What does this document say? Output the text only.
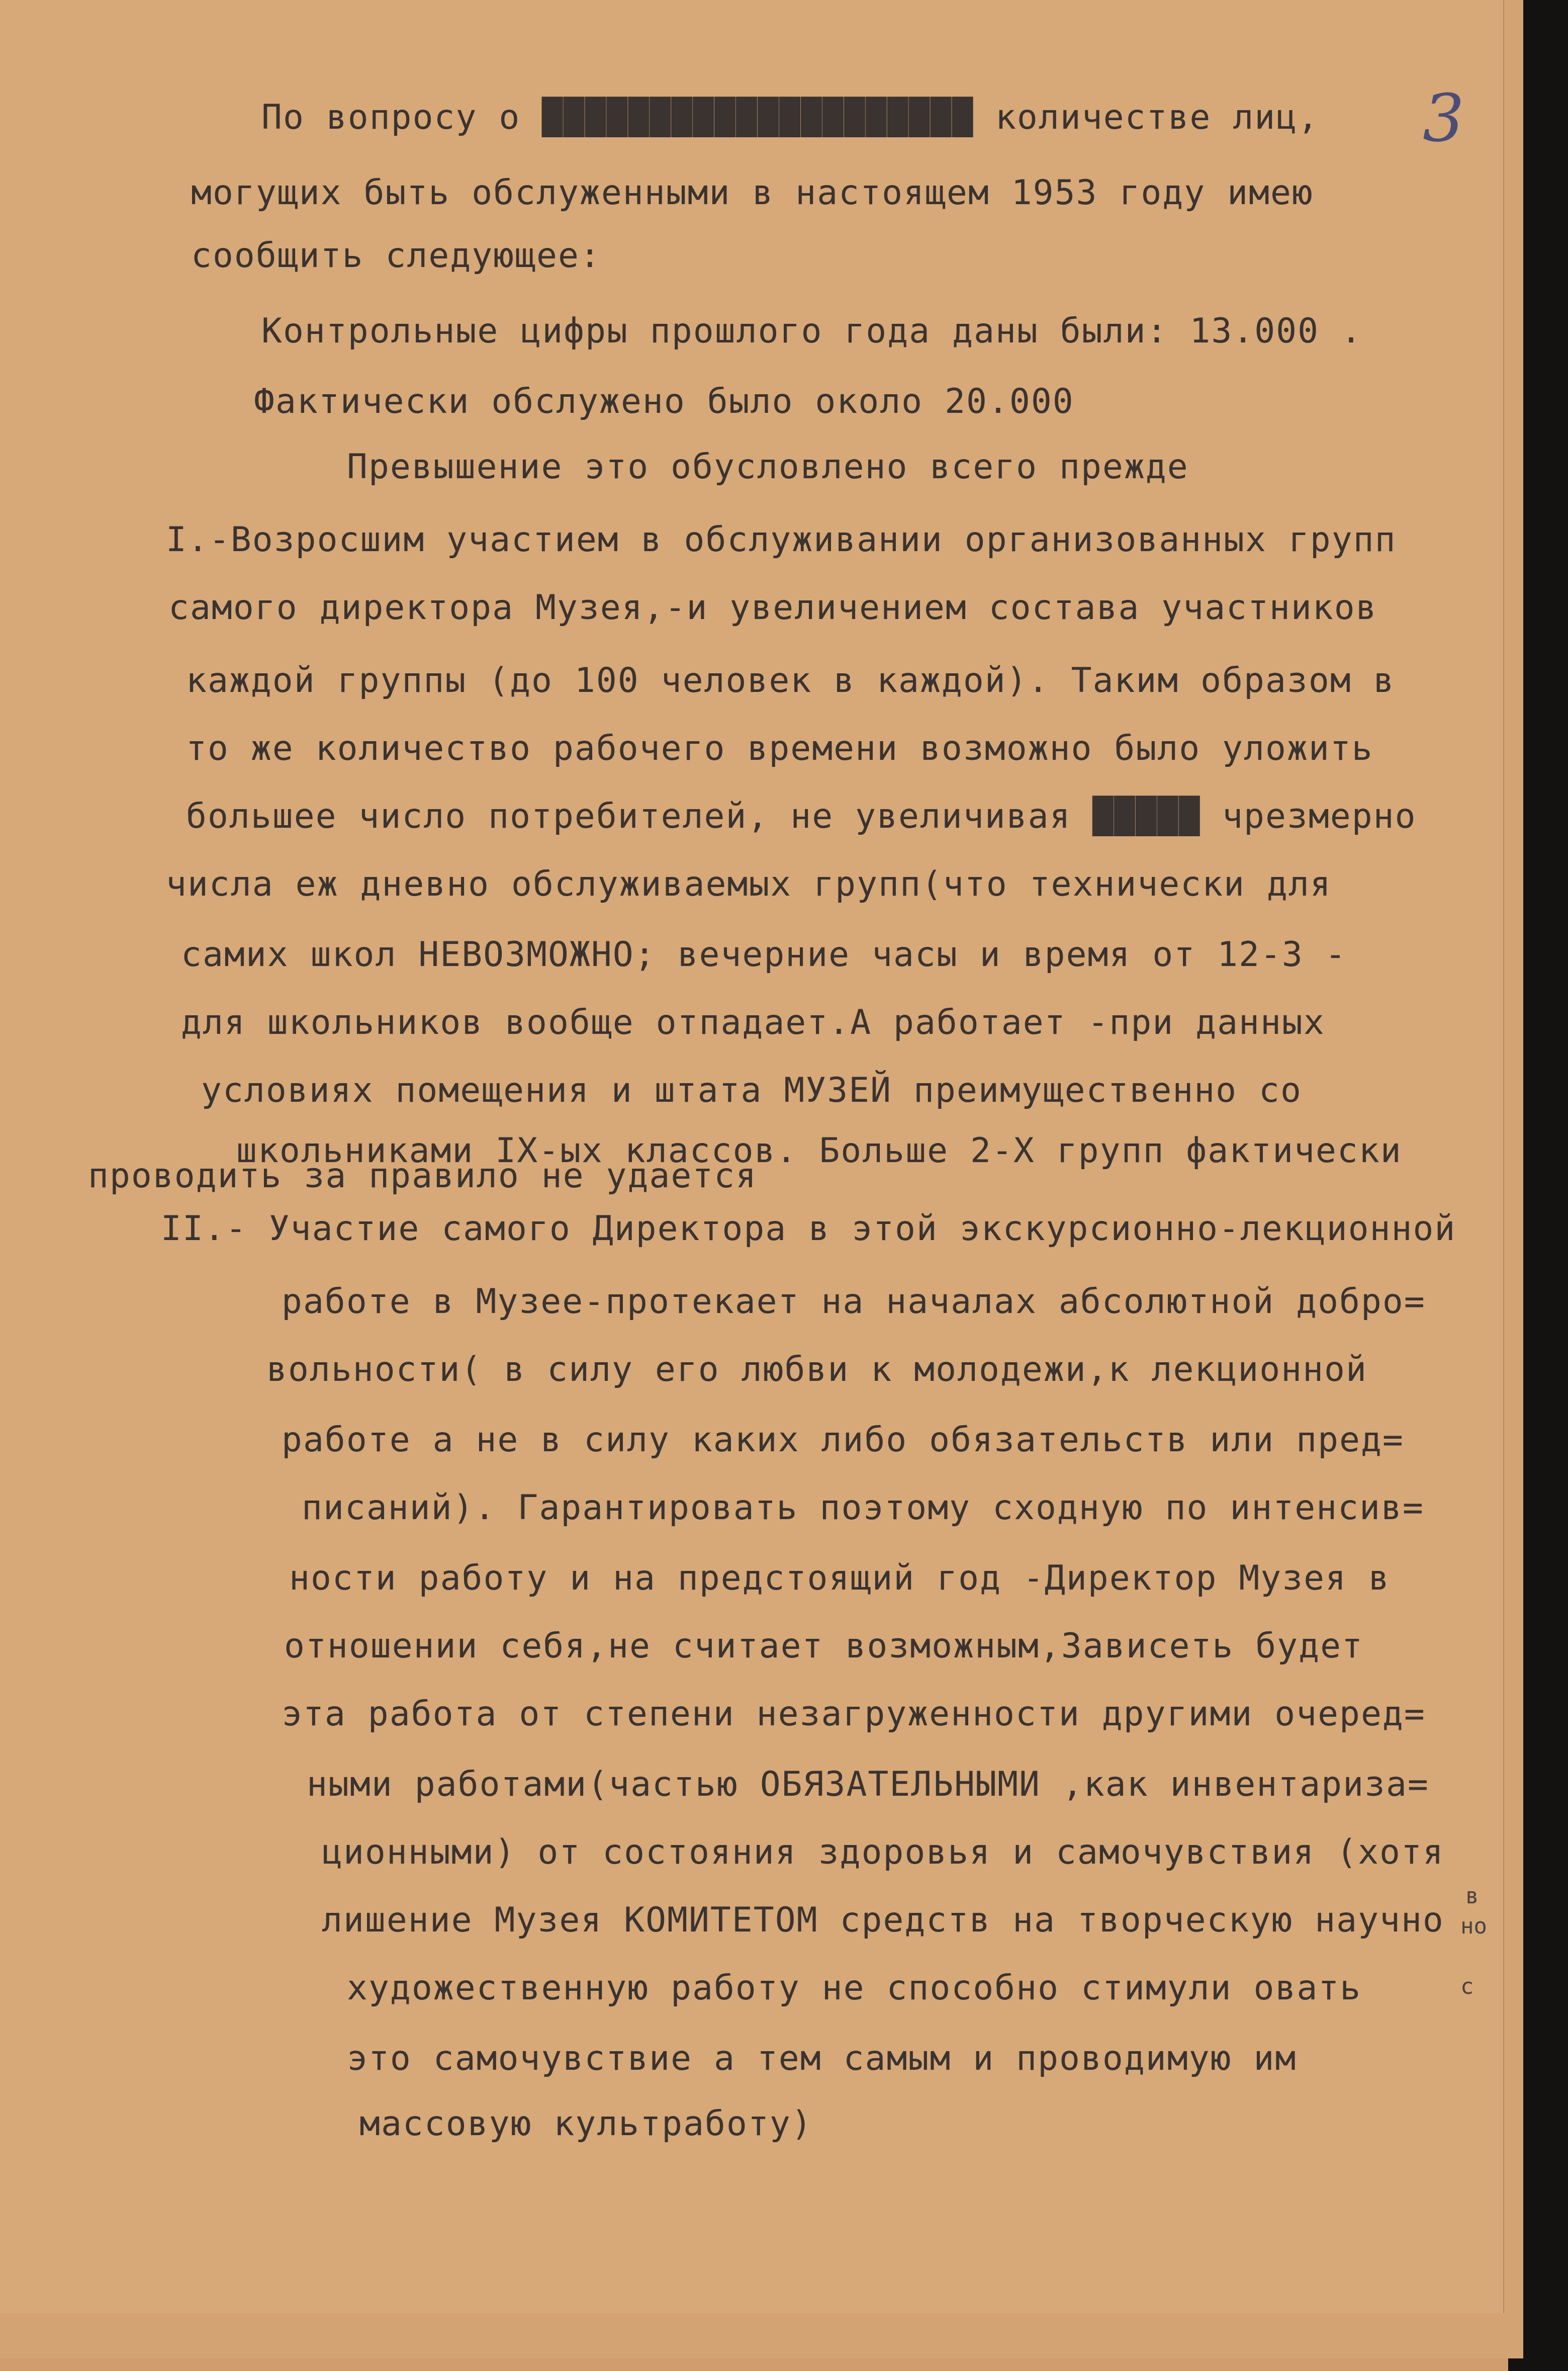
3
По вопросу о ████████████████████ количестве лиц,
могущих быть обслуженными в настоящем 1953 году имею
сообщить следующее:
Контрольные цифры прошлого года даны были: 13.000 .
Фактически обслужено было около 20.000
Превышение это обусловлено всего прежде
I.-Возросшим участием в обслуживании организованных групп
самого директора Музея,-и увеличением состава участников
каждой группы (до 100 человек в каждой). Таким образом в
то же количество рабочего времени возможно было уложить
большее число потребителей, не увеличивая █████ чрезмерно
числа еж дневно обслуживаемых групп(что технически для
самих школ НЕВОЗМОЖНО; вечерние часы и время от 12-3 -
для школьников вообще отпадает.А работает -при данных
условиях помещения и штата МУЗЕЙ преимущественно со
школьниками IX-ых классов. Больше 2-Х групп фактически
проводить за правило не удается
II.- Участие самого Директора в этой экскурсионно-лекционной
работе в Музее-протекает на началах абсолютной добро=
вольности( в силу его любви к молодежи,к лекционной
работе а не в силу каких либо обязательств или пред=
писаний). Гарантировать поэтому сходную по интенсив=
ности работу и на предстоящий год -Директор Музея в
отношении себя,не считает возможным,Зависеть будет
эта работа от степени незагруженности другими очеред=
ными работами(частью ОБЯЗАТЕЛЬНЫМИ ,как инвентариза=
ционными) от состояния здоровья и самочувствия (хотя
лишение Музея КОМИТЕТОМ средств на творческую научно
художественную работу не способно стимули овать
это самочувствие а тем самым и проводимую им
массовую культработу)
в
но
с
